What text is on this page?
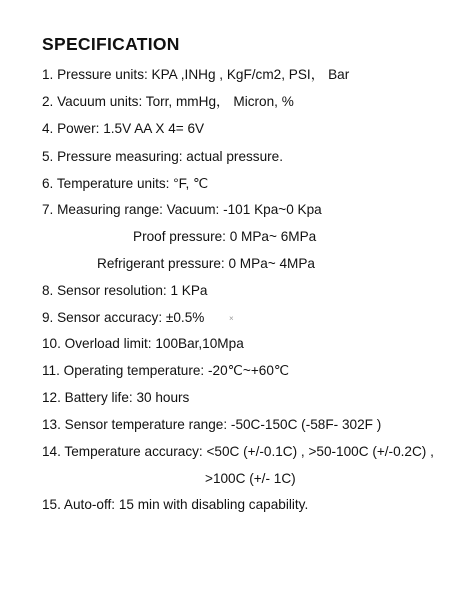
SPECIFICATION
1. Pressure units: KPA ,INHg , KgF/cm2, PSI， Bar
2. Vacuum units: Torr, mmHg， Micron, %
4. Power: 1.5V AA X 4= 6V
5. Pressure measuring: actual pressure.
6. Temperature units: °F, ℃
7. Measuring range: Vacuum: -101 Kpa~0 Kpa
Proof pressure: 0 MPa~ 6MPa
Refrigerant pressure: 0 MPa~ 4MPa
8. Sensor resolution: 1 KPa
9. Sensor accuracy: ±0.5%
10. Overload limit: 100Bar,10Mpa
11. Operating temperature: -20℃~+60℃
12. Battery life: 30 hours
13. Sensor temperature range: -50C-150C (-58F- 302F )
14. Temperature accuracy: <50C (+/-0.1C) , >50-100C (+/-0.2C) ,
>100C (+/- 1C)
15. Auto-off: 15 min with disabling capability.
×
